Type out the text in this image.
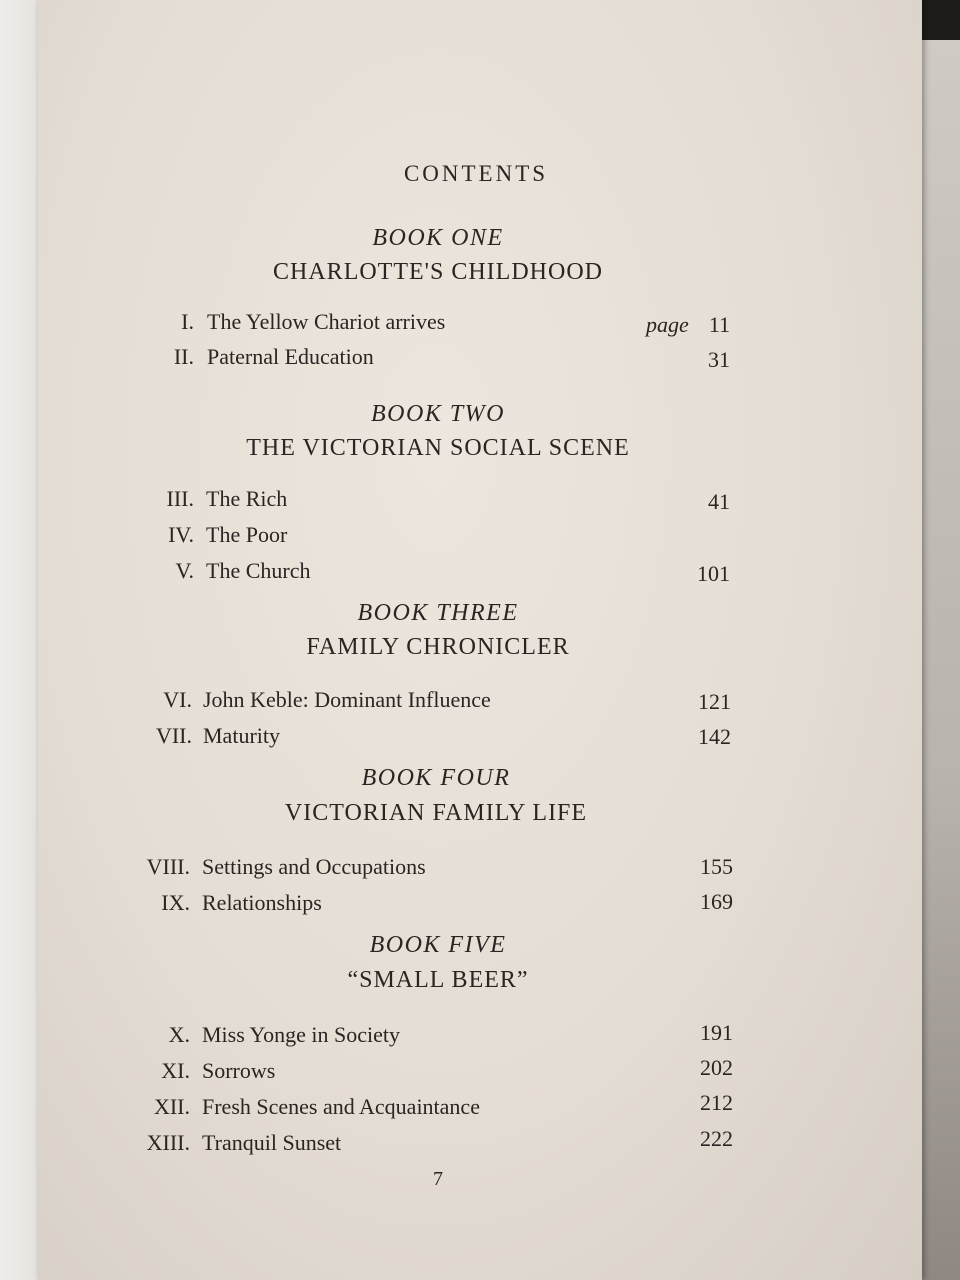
CONTENTS
BOOK ONE
CHARLOTTE'S CHILDHOOD
I. The Yellow Chariot arrives	page 11
II. Paternal Education	31
BOOK TWO
THE VICTORIAN SOCIAL SCENE
III. The Rich	41
IV. The Poor
V. The Church	101
BOOK THREE
FAMILY CHRONICLER
VI. John Keble: Dominant Influence	121
VII. Maturity	142
BOOK FOUR
VICTORIAN FAMILY LIFE
VIII. Settings and Occupations	155
IX. Relationships	169
BOOK FIVE
“SMALL BEER”
X. Miss Yonge in Society	191
XI. Sorrows	202
XII. Fresh Scenes and Acquaintance	212
XIII. Tranquil Sunset	222
7
